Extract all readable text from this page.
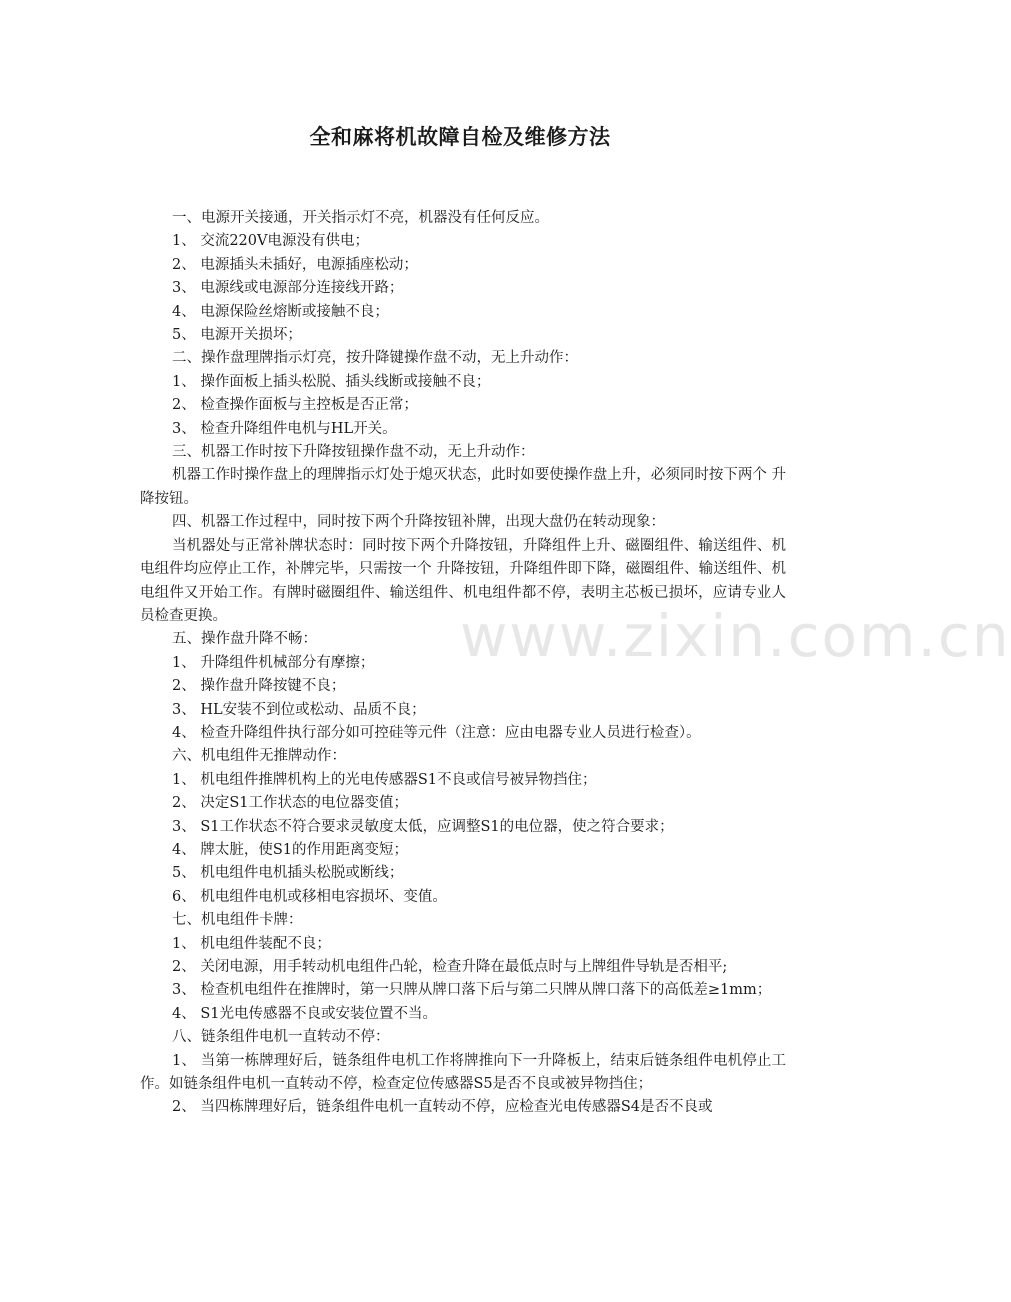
全和麻将机故障自检及维修方法

一、电源开关接通，开关指示灯不亮，机器没有任何反应。

1、 交流220V电源没有供电；

2、 电源插头未插好，电源插座松动；

3、 电源线或电源部分连接线开路；

4、 电源保险丝熔断或接触不良；

5、 电源开关损坏；

二、操作盘理牌指示灯亮，按升降键操作盘不动，无上升动作：

1、 操作面板上插头松脱、插头线断或接触不良；

2、 检查操作面板与主控板是否正常；

3、 检查升降组件电机与HL开关。

三、机器工作时按下升降按钮操作盘不动，无上升动作：

机器工作时操作盘上的理牌指示灯处于熄灭状态，此时如要使操作盘上升，必须同时按下两个 升降按钮。

四、机器工作过程中，同时按下两个升降按钮补牌，出现大盘仍在转动现象：

当机器处与正常补牌状态时：同时按下两个升降按钮，升降组件上升、磁圈组件、输送组件、机电组件均应停止工作，补牌完毕，只需按一个 升降按钮，升降组件即下降，磁圈组件、输送组件、机电组件又开始工作。有牌时磁圈组件、输送组件、机电组件都不停，表明主芯板已损坏，应请专业人员检查更换。

五、操作盘升降不畅：

1、 升降组件机械部分有摩擦；

2、 操作盘升降按键不良；

3、 HL安装不到位或松动、品质不良；

4、 检查升降组件执行部分如可控硅等元件（注意：应由电器专业人员进行检查）。

六、机电组件无推牌动作：

1、 机电组件推牌机构上的光电传感器S1不良或信号被异物挡住；

2、 决定S1工作状态的电位器变值；

3、 S1工作状态不符合要求灵敏度太低，应调整S1的电位器，使之符合要求；

4、 牌太脏，使S1的作用距离变短；

5、 机电组件电机插头松脱或断线；

6、 机电组件电机或移相电容损坏、变值。

七、机电组件卡牌：

1、 机电组件装配不良；

2、 关闭电源，用手转动机电组件凸轮，检查升降在最低点时与上牌组件导轨是否相平;

3、 检查机电组件在推牌时，第一只牌从牌口落下后与第二只牌从牌口落下的高低差≥1mm；

4、 S1光电传感器不良或安装位置不当。

八、链条组件电机一直转动不停：

1、 当第一栋牌理好后，链条组件电机工作将牌推向下一升降板上，结束后链条组件电机停止工作。如链条组件电机一直转动不停，检查定位传感器S5是否不良或被异物挡住；

2、 当四栋牌理好后，链条组件电机一直转动不停，应检查光电传感器S4是否不良或

www.zixin.com.cn
